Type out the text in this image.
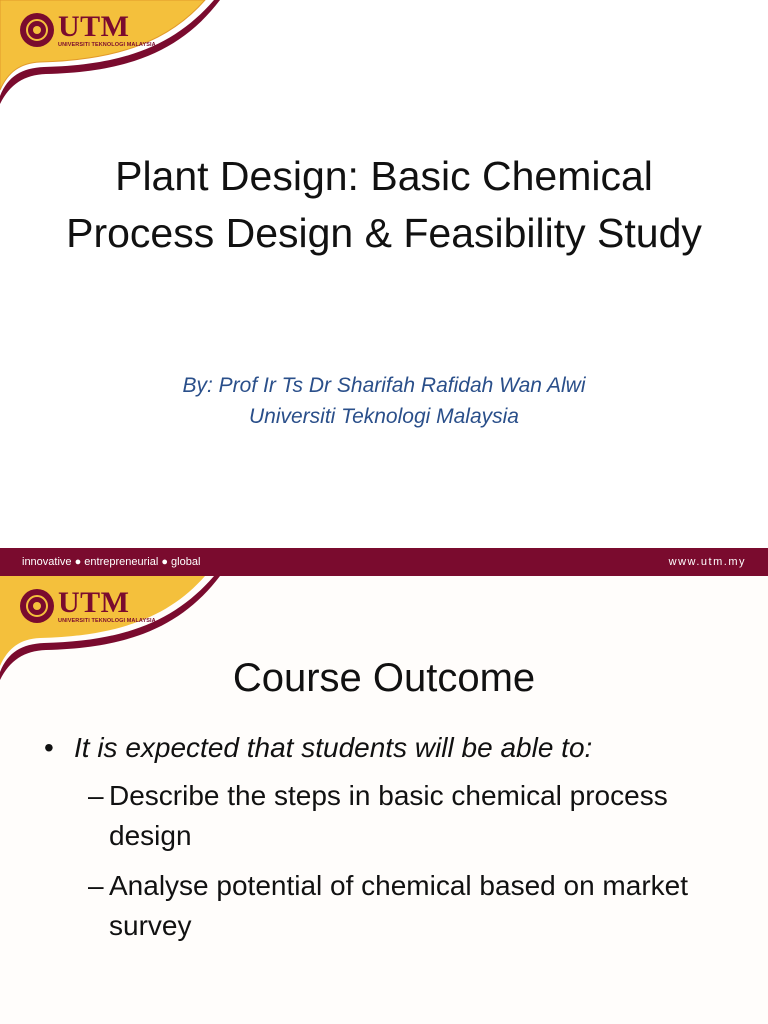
UTM
UNIVERSITI TEKNOLOGI MALAYSIA
Plant Design: Basic Chemical Process Design & Feasibility Study
By: Prof Ir Ts Dr Sharifah Rafidah Wan Alwi
Universiti Teknologi Malaysia
innovative ● entrepreneurial ● global	www.utm.my
UTM
UNIVERSITI TEKNOLOGI MALAYSIA
Course Outcome
• It is expected that students will be able to:
– Describe the steps in basic chemical process design
– Analyse potential of chemical based on market survey
